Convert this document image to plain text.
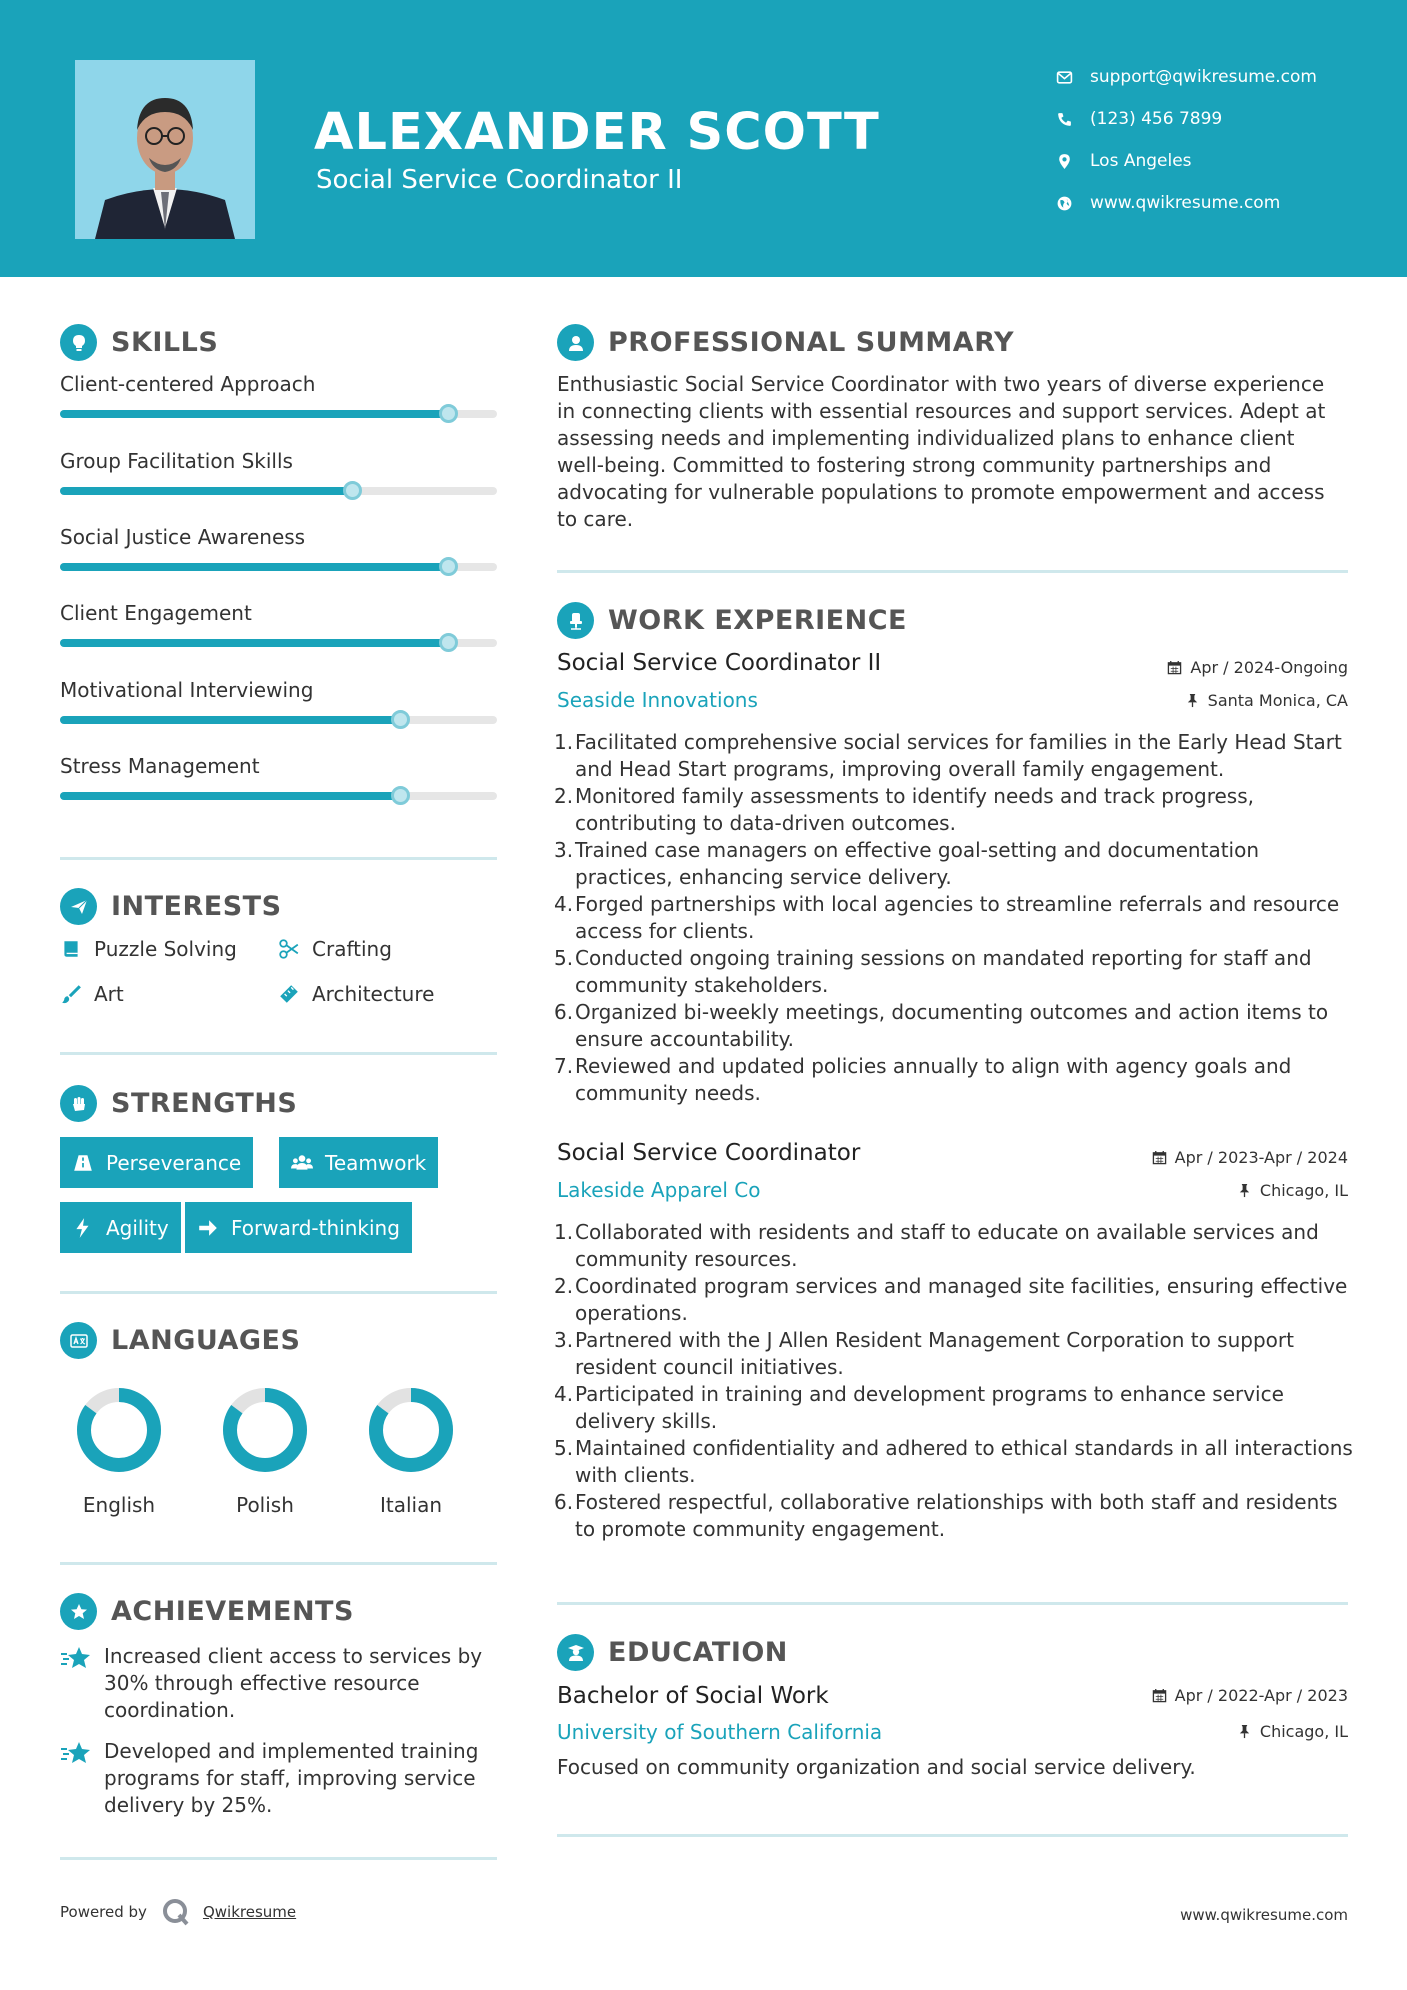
ALEXANDER SCOTT
Social Service Coordinator II
support@qwikresume.com
(123) 456 7899
Los Angeles
www.qwikresume.com
SKILLS
Client-centered Approach
Group Facilitation Skills
Social Justice Awareness
Client Engagement
Motivational Interviewing
Stress Management
INTERESTS
Puzzle Solving	Crafting
Art	Architecture
STRENGTHS
Perseverance	Teamwork
Agility	Forward-thinking
LANGUAGES
English	Polish	Italian
ACHIEVEMENTS
Increased client access to services by 30% through effective resource coordination.
Developed and implemented training programs for staff, improving service delivery by 25%.
PROFESSIONAL SUMMARY
Enthusiastic Social Service Coordinator with two years of diverse experience in connecting clients with essential resources and support services. Adept at assessing needs and implementing individualized plans to enhance client well-being. Committed to fostering strong community partnerships and advocating for vulnerable populations to promote empowerment and access to care.
WORK EXPERIENCE
Social Service Coordinator II	Apr / 2024-Ongoing
Seaside Innovations	Santa Monica, CA
Facilitated comprehensive social services for families in the Early Head Start and Head Start programs, improving overall family engagement.
Monitored family assessments to identify needs and track progress, contributing to data-driven outcomes.
Trained case managers on effective goal-setting and documentation practices, enhancing service delivery.
Forged partnerships with local agencies to streamline referrals and resource access for clients.
Conducted ongoing training sessions on mandated reporting for staff and community stakeholders.
Organized bi-weekly meetings, documenting outcomes and action items to ensure accountability.
Reviewed and updated policies annually to align with agency goals and community needs.
Social Service Coordinator	Apr / 2023-Apr / 2024
Lakeside Apparel Co	Chicago, IL
Collaborated with residents and staff to educate on available services and community resources.
Coordinated program services and managed site facilities, ensuring effective operations.
Partnered with the J Allen Resident Management Corporation to support resident council initiatives.
Participated in training and development programs to enhance service delivery skills.
Maintained confidentiality and adhered to ethical standards in all interactions with clients.
Fostered respectful, collaborative relationships with both staff and residents to promote community engagement.
EDUCATION
Bachelor of Social Work	Apr / 2022-Apr / 2023
University of Southern California	Chicago, IL
Focused on community organization and social service delivery.
Powered by	Qwikresume	www.qwikresume.com
